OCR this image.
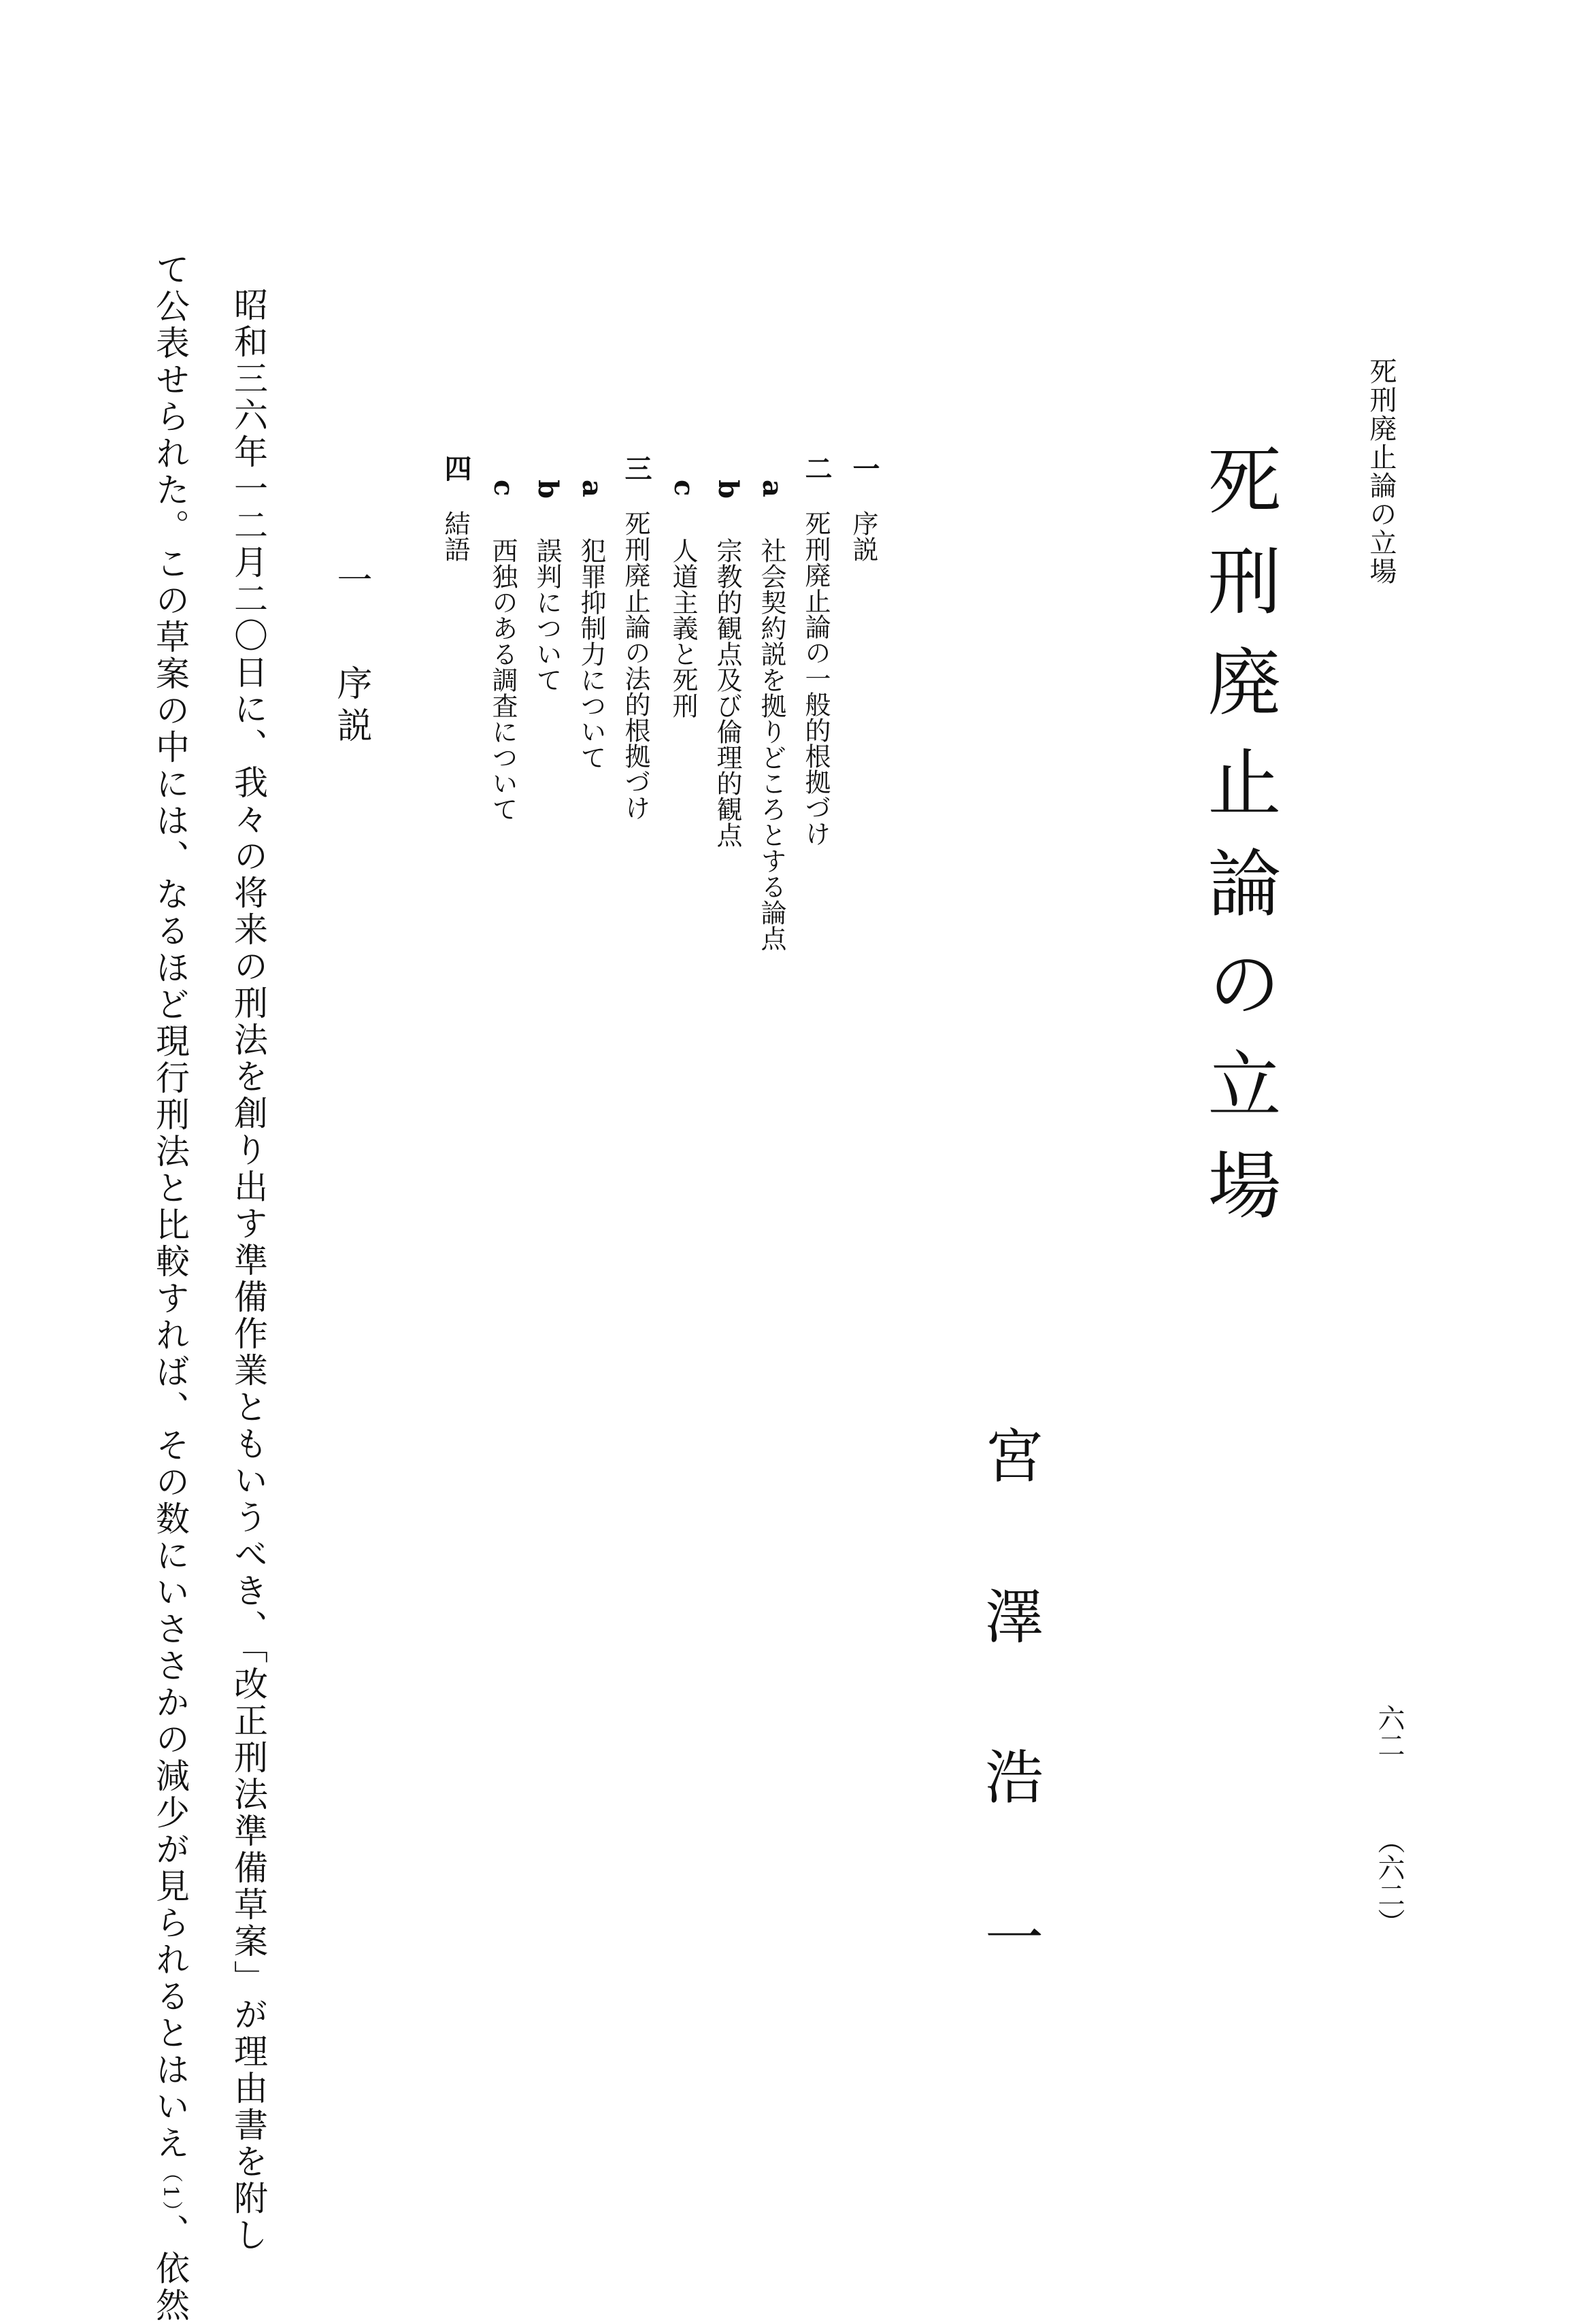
死刑廃止論の立場
六二
（六二）
死刑廃止論の立場
宮澤浩一
一
序説
二
死刑廃止論の一般的根拠づけ
a
社会契約説を拠りどころとする論点
b
宗教的観点及び倫理的観点
c
人道主義と死刑
三
死刑廃止論の法的根拠づけ
a
犯罪抑制力について
b
誤判について
c
西独のある調査について
四
結語
一序説
昭和三六年一二月二〇日に、我々の将来の刑法を創り出す準備作業ともいうべき、「改正刑法準備草案」が理由書を附し
て公表せられた。この草案の中には、なるほど現行刑法と比較すれば、その数にいささかの減少が見られるとはいえ（1）、依然
